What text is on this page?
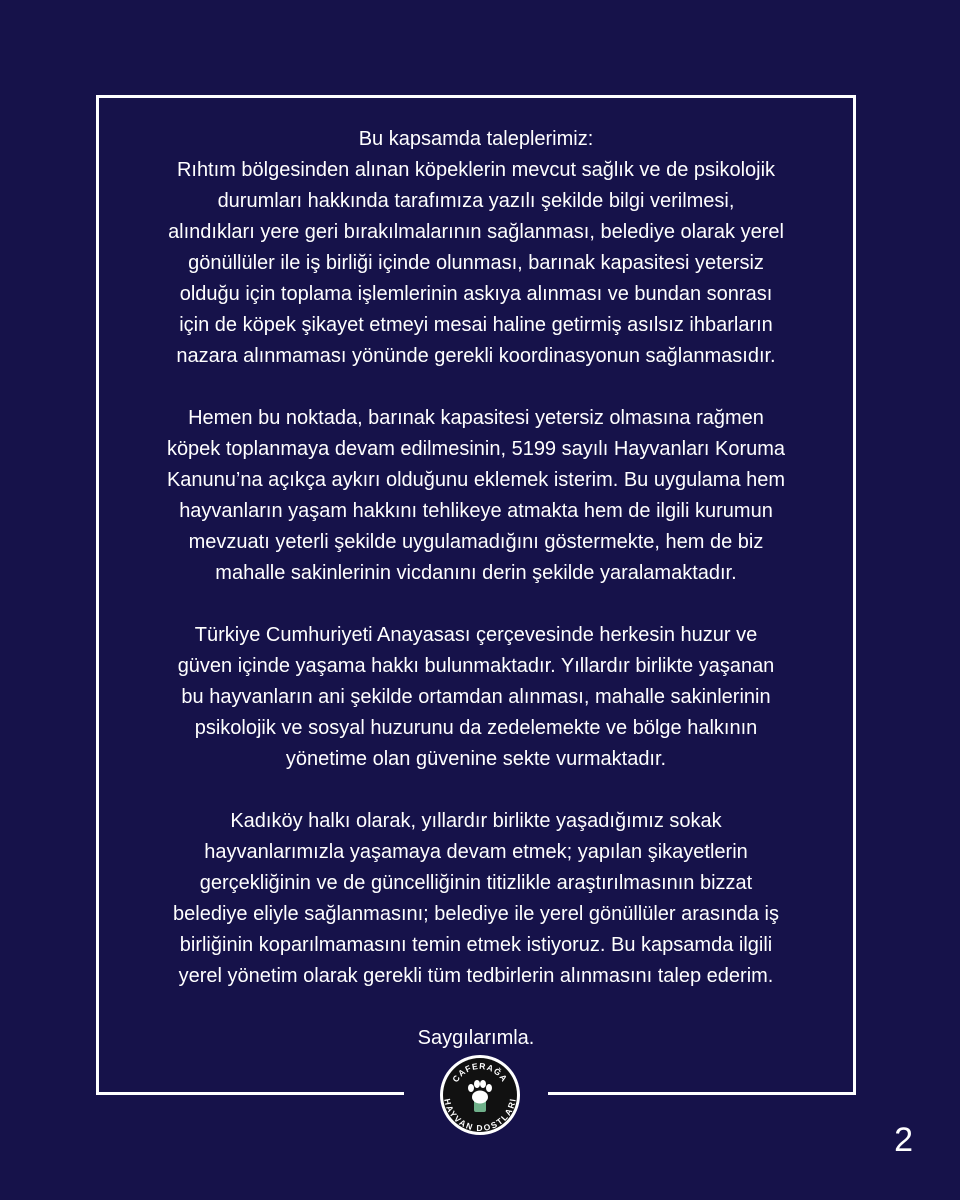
Bu kapsamda taleplerimiz:
Rıhtım bölgesinden alınan köpeklerin mevcut sağlık ve de psikolojik
durumları hakkında tarafımıza yazılı şekilde bilgi verilmesi,
alındıkları yere geri bırakılmalarının sağlanması, belediye olarak yerel
gönüllüler ile iş birliği içinde olunması, barınak kapasitesi yetersiz
olduğu için toplama işlemlerinin askıya alınması ve bundan sonrası
için de köpek şikayet etmeyi mesai haline getirmiş asılsız ihbarların
nazara alınmaması yönünde gerekli koordinasyonun sağlanmasıdır.

Hemen bu noktada, barınak kapasitesi yetersiz olmasına rağmen
köpek toplanmaya devam edilmesinin, 5199 sayılı Hayvanları Koruma
Kanunu’na açıkça aykırı olduğunu eklemek isterim. Bu uygulama hem
hayvanların yaşam hakkını tehlikeye atmakta hem de ilgili kurumun
mevzuatı yeterli şekilde uygulamadığını göstermekte, hem de biz
mahalle sakinlerinin vicdanını derin şekilde yaralamaktadır.

Türkiye Cumhuriyeti Anayasası çerçevesinde herkesin huzur ve
güven içinde yaşama hakkı bulunmaktadır. Yıllardır birlikte yaşanan
bu hayvanların ani şekilde ortamdan alınması, mahalle sakinlerinin
psikolojik ve sosyal huzurunu da zedelemekte ve bölge halkının
yönetime olan güvenine sekte vurmaktadır.

Kadıköy halkı olarak, yıllardır birlikte yaşadığımız sokak
hayvanlarımızla yaşamaya devam etmek; yapılan şikayetlerin
gerçekliğinin ve de güncelliğinin titizlikle araştırılmasının bizzat
belediye eliyle sağlanmasını; belediye ile yerel gönüllüler arasında iş
birliğinin koparılmamasını temin etmek istiyoruz. Bu kapsamda ilgili
yerel yönetim olarak gerekli tüm tedbirlerin alınmasını talep ederim.

Saygılarımla.

CAFERAĞA
HAYVAN DOSTLARI
2
